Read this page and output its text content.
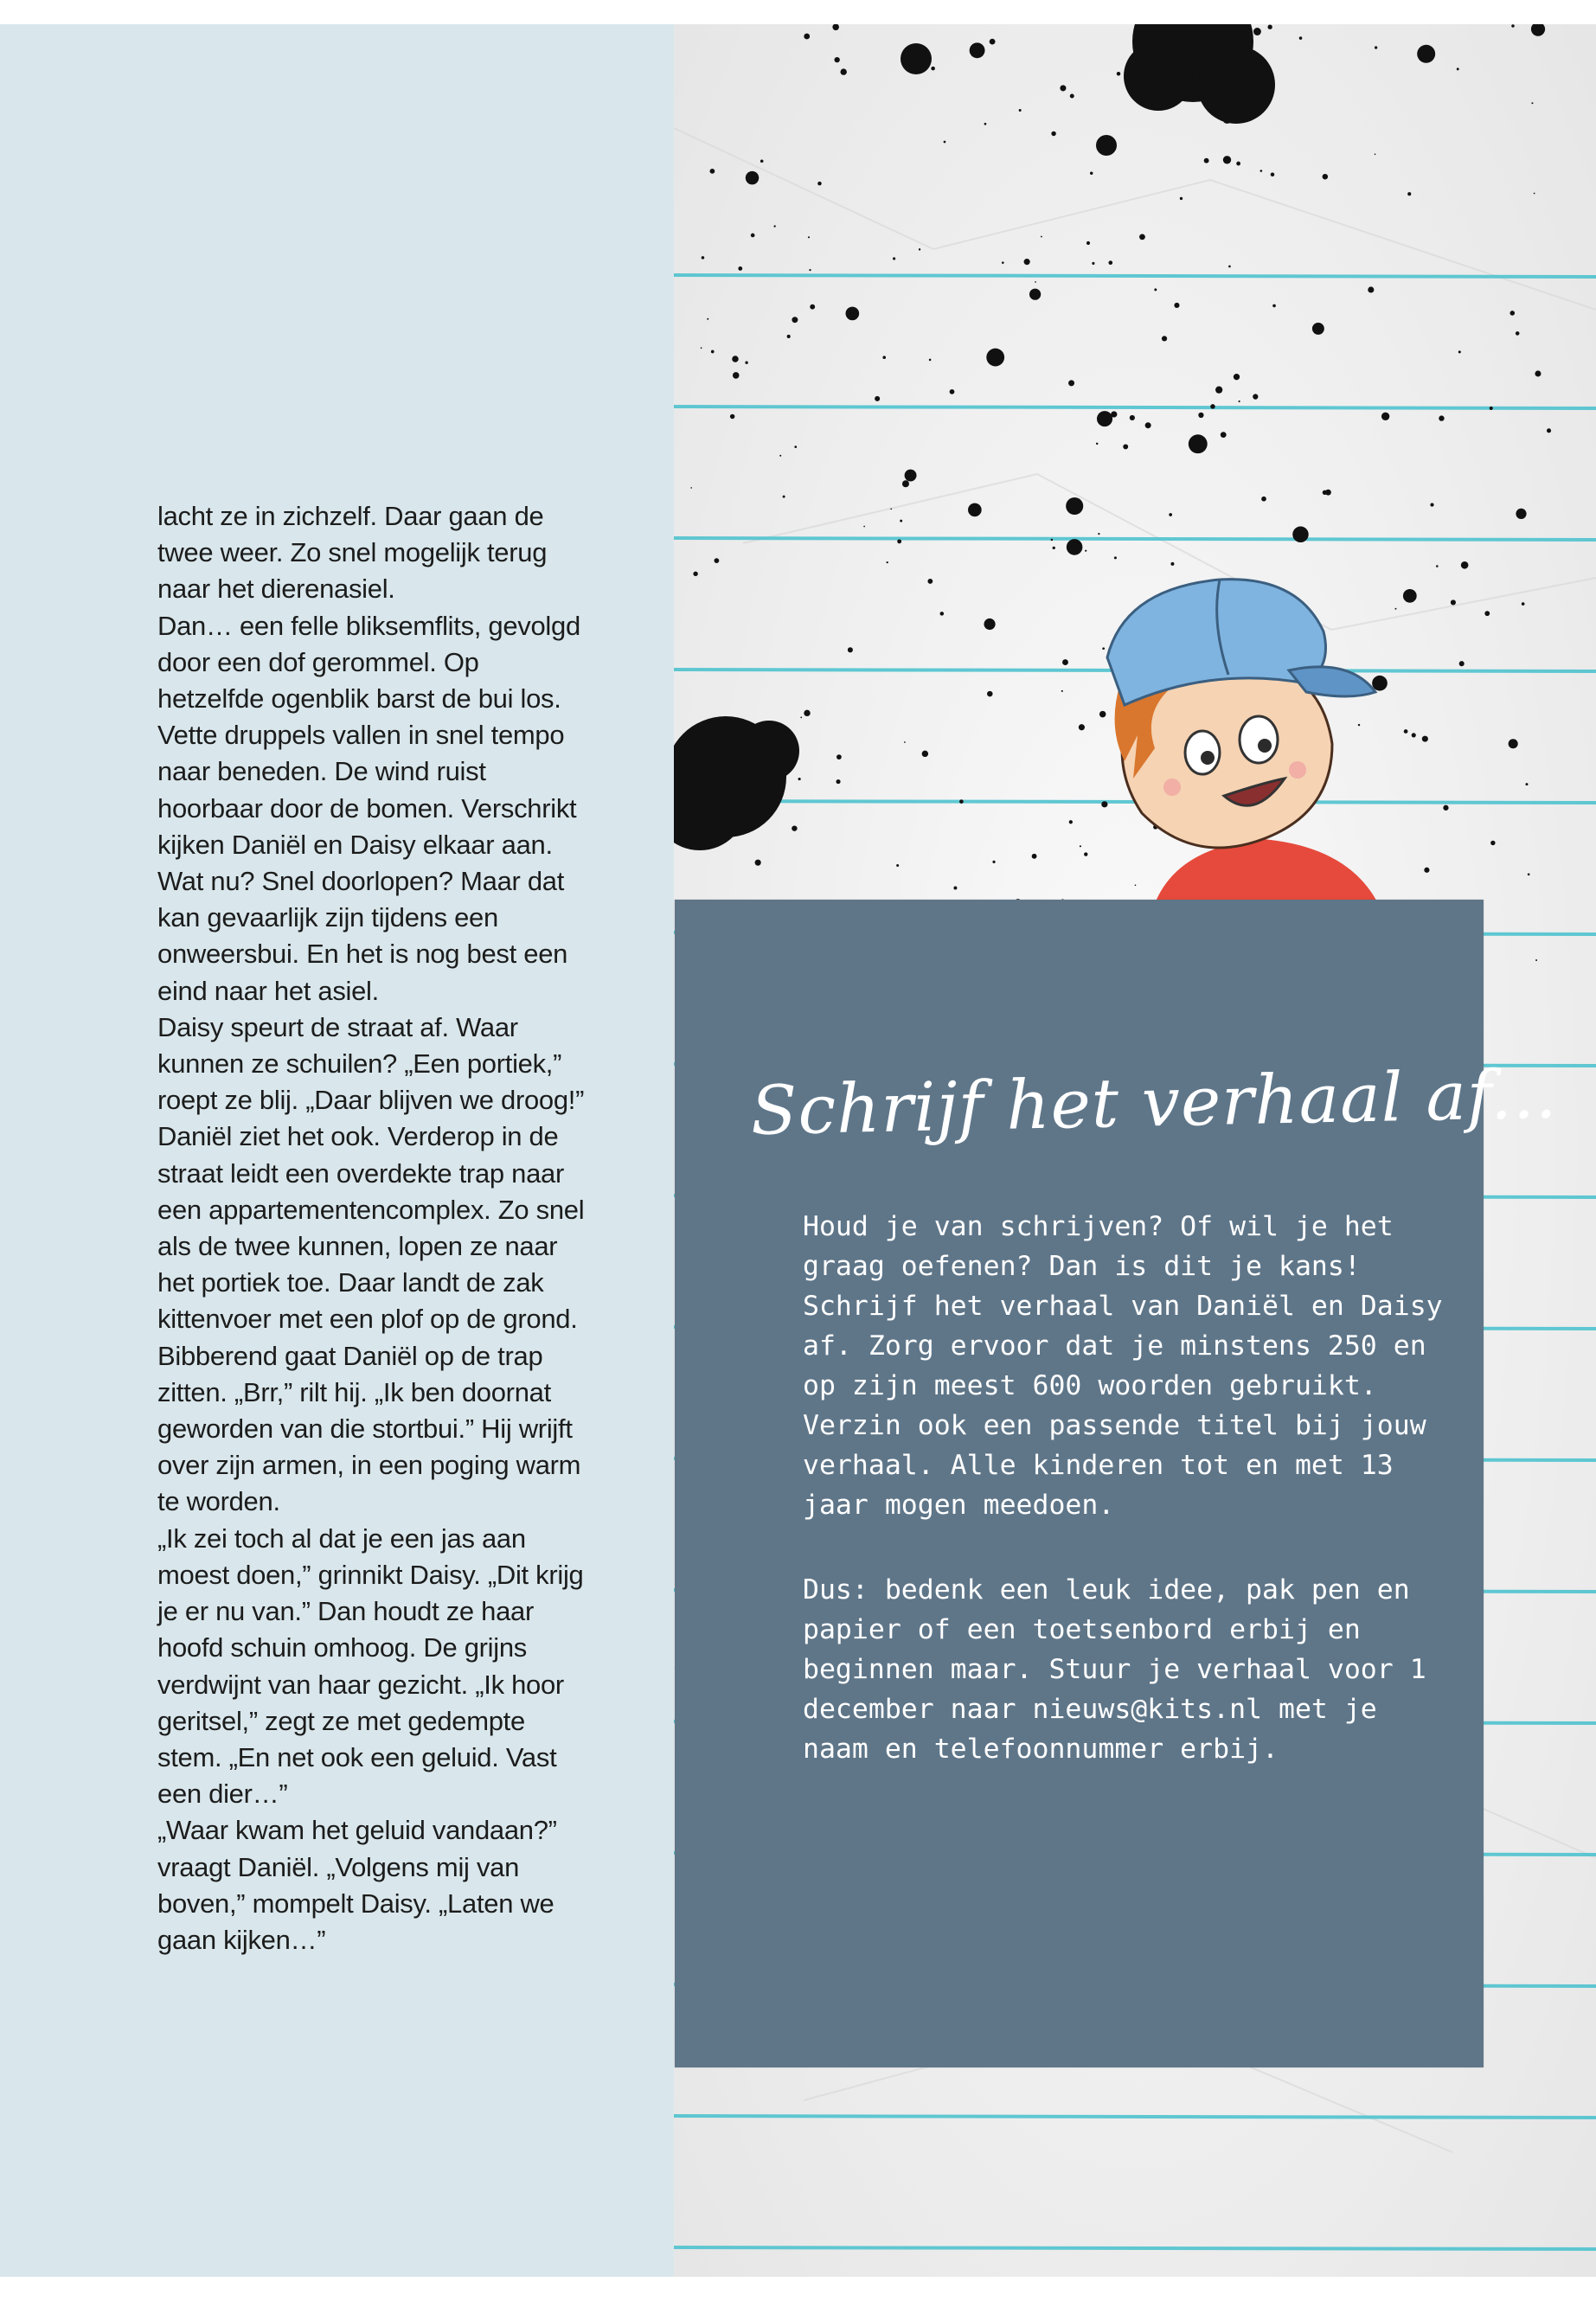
lacht ze in zichzelf. Daar gaan de twee weer. Zo snel mogelijk terug naar het dierenasiel.

Dan… een felle bliksemflits, gevolgd door een dof gerommel. Op hetzelfde ogenblik barst de bui los. Vette druppels vallen in snel tempo naar beneden. De wind ruist hoorbaar door de bomen. Verschrikt kijken Daniël en Daisy elkaar aan. Wat nu? Snel doorlopen? Maar dat kan gevaarlijk zijn tijdens een onweersbui. En het is nog best een eind naar het asiel.

Daisy speurt de straat af. Waar kunnen ze schuilen? „Een portiek,” roept ze blij. „Daar blijven we droog!”

Daniël ziet het ook. Verderop in de straat leidt een overdekte trap naar een appartementencomplex. Zo snel als de twee kunnen, lopen ze naar het portiek toe. Daar landt de zak kittenvoer met een plof op de grond.

Bibberend gaat Daniël op de trap zitten. „Brr,” rilt hij. „Ik ben doornat geworden van die stortbui.” Hij wrijft over zijn armen, in een poging warm te worden.

„Ik zei toch al dat je een jas aan moest doen,” grinnikt Daisy. „Dit krijg je er nu van.” Dan houdt ze haar hoofd schuin omhoog. De grijns verdwijnt van haar gezicht. „Ik hoor geritsel,” zegt ze met gedempte stem. „En net ook een geluid. Vast een dier…”

„Waar kwam het geluid vandaan?” vraagt Daniël. „Volgens mij van boven,” mompelt Daisy. „Laten we gaan kijken…”

Schrijf het verhaal af...

Houd je van schrijven? Of wil je het graag oefenen? Dan is dit je kans! Schrijf het verhaal van Daniël en Daisy af. Zorg ervoor dat je minstens 250 en op zijn meest 600 woorden gebruikt. Verzin ook een passende titel bij jouw verhaal. Alle kinderen tot en met 13 jaar mogen meedoen.

Dus: bedenk een leuk idee, pak pen en papier of een toetsenbord erbij en beginnen maar. Stuur je verhaal voor 1 december naar nieuws@kits.nl met je naam en telefoonnummer erbij.
